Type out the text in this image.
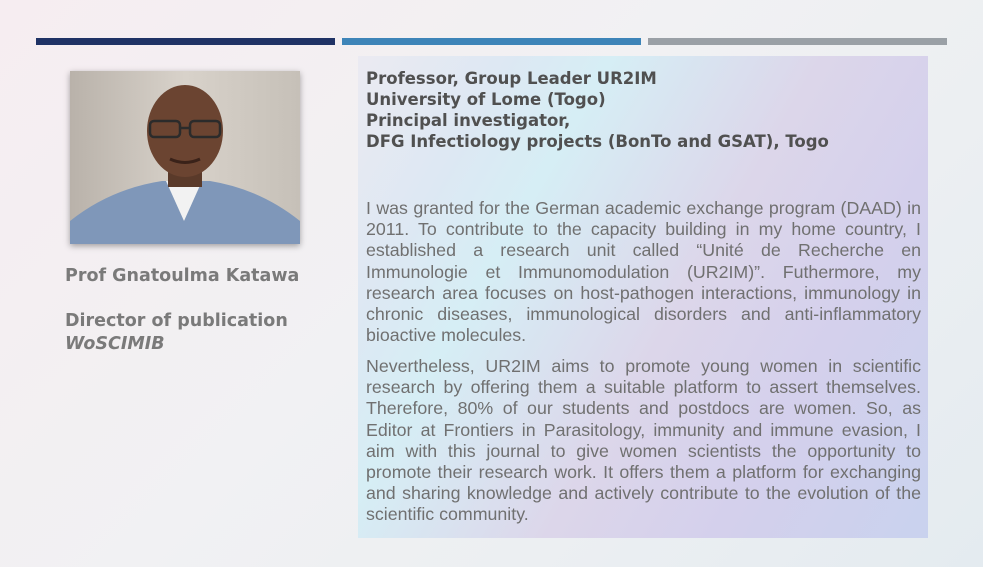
Prof Gnatoulma Katawa
Director of publication
WoSCIMIB
Professor, Group Leader UR2IM
University of Lome (Togo)
Principal investigator,
DFG Infectiology projects (BonTo and GSAT), Togo

I was granted for the German academic exchange program (DAAD) in 2011. To contribute to the capacity building in my home country, I established a research unit called “Unité de Recherche en Immunologie et Immunomodulation (UR2IM)”. Futhermore, my research area focuses on host-pathogen interactions, immunology in chronic diseases, immunological disorders and anti-inflammatory bioactive molecules.

Nevertheless, UR2IM aims to promote young women in scientific research by offering them a suitable platform to assert themselves. Therefore, 80% of our students and postdocs are women. So, as Editor at Frontiers in Parasitology, immunity and immune evasion, I aim with this journal to give women scientists the opportunity to promote their research work. It offers them a platform for exchanging and sharing knowledge and actively contribute to the evolution of the scientific community.
